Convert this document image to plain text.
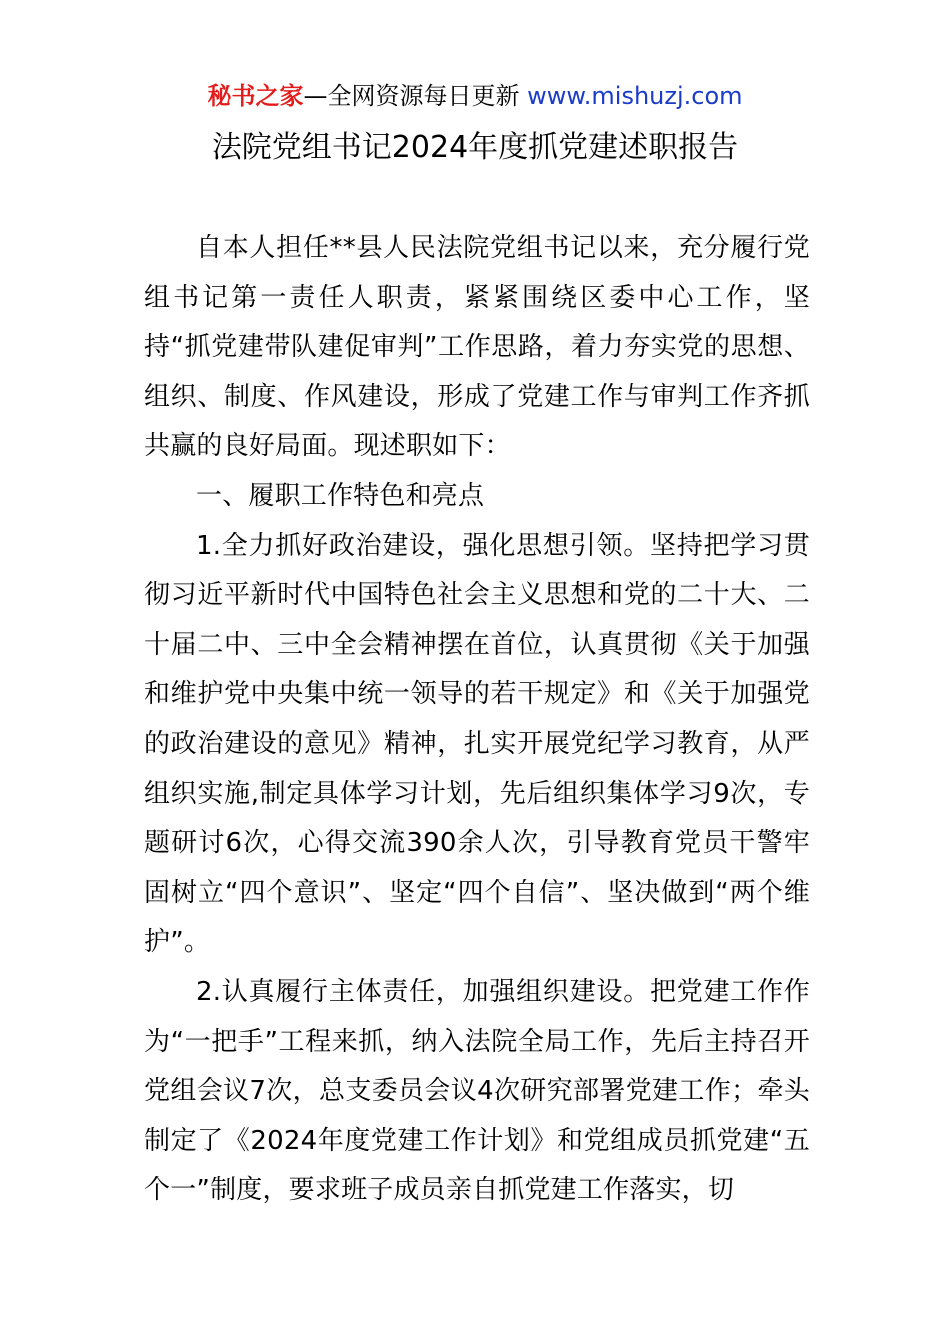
秘书之家—全网资源每日更新 www.mishuzj.com
法院党组书记2024年度抓党建述职报告

自本人担任**县人民法院党组书记以来，充分履行党组书记第一责任人职责，紧紧围绕区委中心工作，坚持“抓党建带队建促审判”工作思路，着力夯实党的思想、组织、制度、作风建设，形成了党建工作与审判工作齐抓共赢的良好局面。现述职如下：

一、履职工作特色和亮点

1.全力抓好政治建设，强化思想引领。坚持把学习贯彻习近平新时代中国特色社会主义思想和党的二十大、二十届二中、三中全会精神摆在首位，认真贯彻《关于加强和维护党中央集中统一领导的若干规定》和《关于加强党的政治建设的意见》精神，扎实开展党纪学习教育，从严组织实施,制定具体学习计划，先后组织集体学习9次，专题研讨6次，心得交流390余人次，引导教育党员干警牢固树立“四个意识”、坚定“四个自信”、坚决做到“两个维护”。

2.认真履行主体责任，加强组织建设。把党建工作作为“一把手”工程来抓，纳入法院全局工作，先后主持召开党组会议7次，总支委员会议4次研究部署党建工作；牵头制定了《2024年度党建工作计划》和党组成员抓党建“五个一”制度，要求班子成员亲自抓党建工作落实，切
